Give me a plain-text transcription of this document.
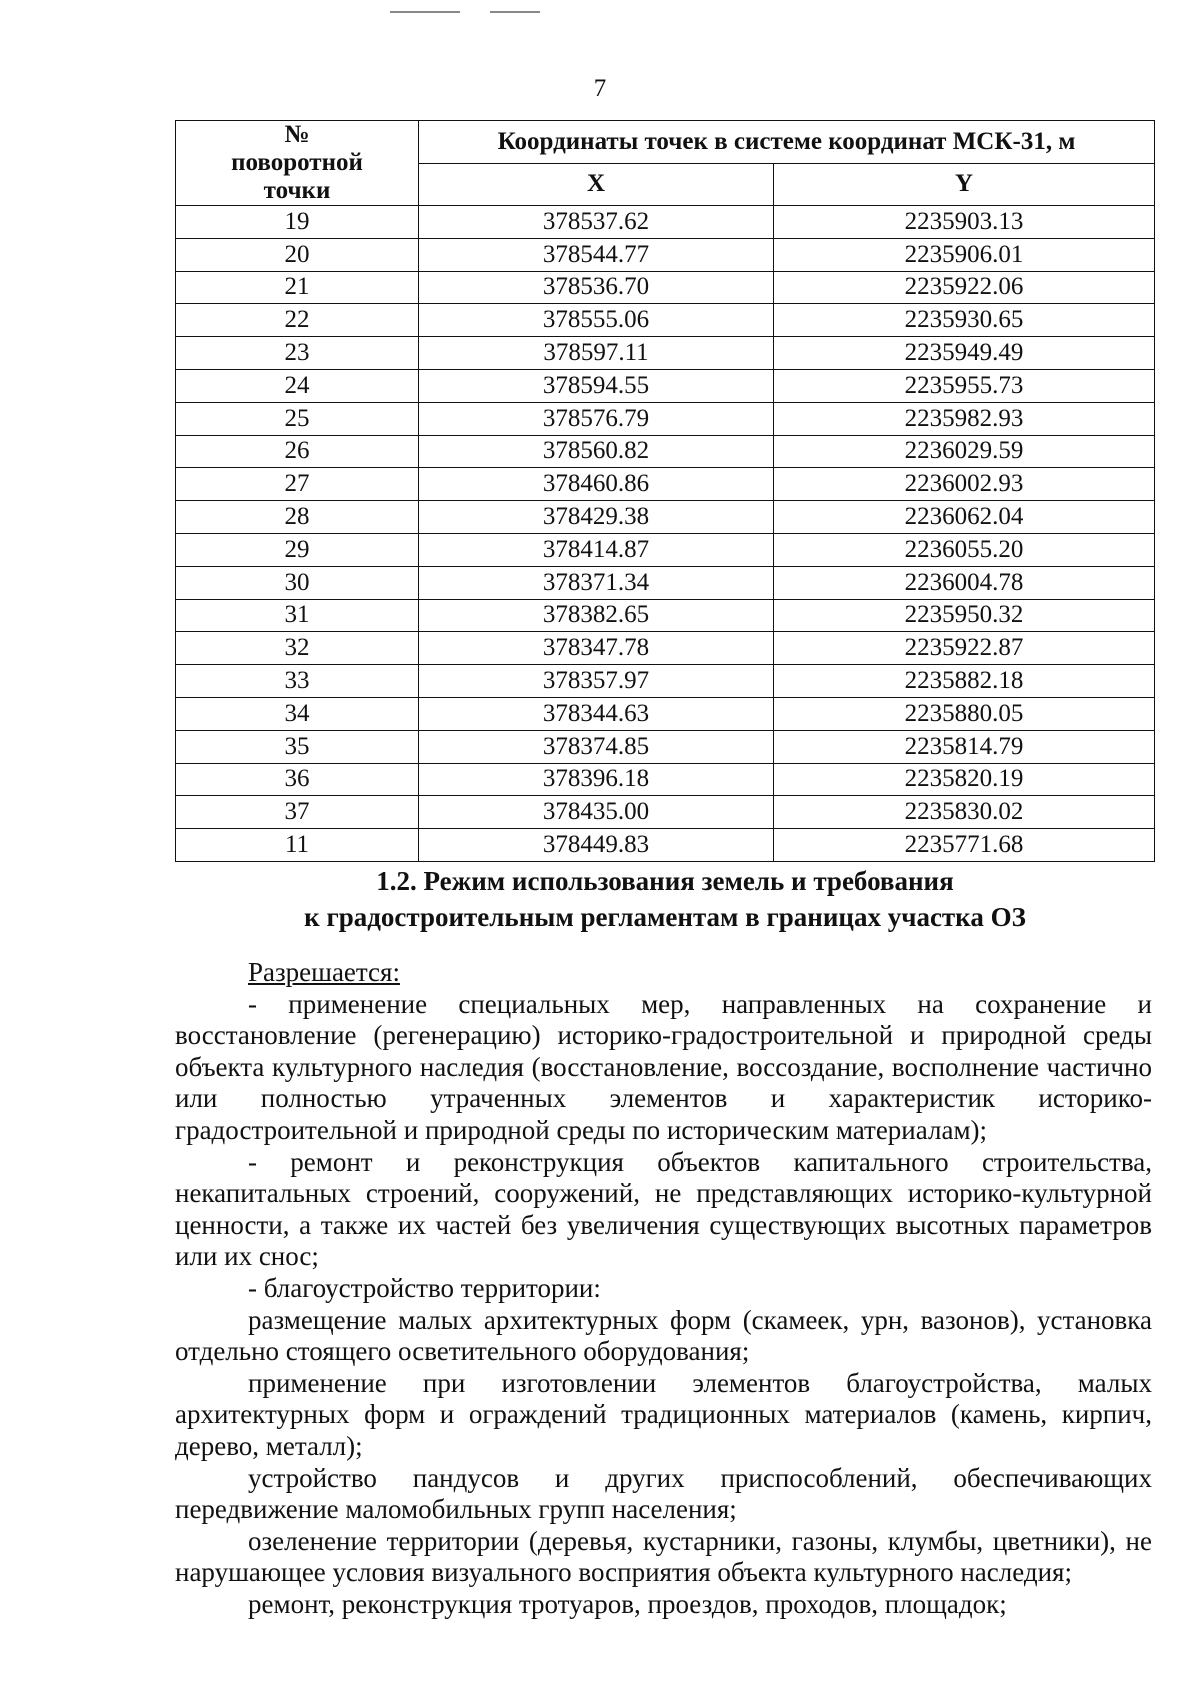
7
№ поворотной точки	Координаты точек в системе координат МСК-31, м	
	X	Y
19	378537.62	2235903.13
20	378544.77	2235906.01
21	378536.70	2235922.06
22	378555.06	2235930.65
23	378597.11	2235949.49
24	378594.55	2235955.73
25	378576.79	2235982.93
26	378560.82	2236029.59
27	378460.86	2236002.93
28	378429.38	2236062.04
29	378414.87	2236055.20
30	378371.34	2236004.78
31	378382.65	2235950.32
32	378347.78	2235922.87
33	378357.97	2235882.18
34	378344.63	2235880.05
35	378374.85	2235814.79
36	378396.18	2235820.19
37	378435.00	2235830.02
11	378449.83	2235771.68
1.2. Режим использования земель и требования
к градостроительным регламентам в границах участка ОЗ

Разрешается:

- применение специальных мер, направленных на сохранение и восстановление (регенерацию) историко-градостроительной и природной среды объекта культурного наследия (восстановление, воссоздание, восполнение частично или полностью утраченных элементов и характеристик историко-градостроительной и природной среды по историческим материалам);

- ремонт и реконструкция объектов капитального строительства, некапитальных строений, сооружений, не представляющих историко-культурной ценности, а также их частей без увеличения существующих высотных параметров или их снос;

- благоустройство территории:

размещение малых архитектурных форм (скамеек, урн, вазонов), установка отдельно стоящего осветительного оборудования;

применение при изготовлении элементов благоустройства, малых архитектурных форм и ограждений традиционных материалов (камень, кирпич, дерево, металл);

устройство пандусов и других приспособлений, обеспечивающих передвижение маломобильных групп населения;

озеленение территории (деревья, кустарники, газоны, клумбы, цветники), не нарушающее условия визуального восприятия объекта культурного наследия;

ремонт, реконструкция тротуаров, проездов, проходов, площадок;
